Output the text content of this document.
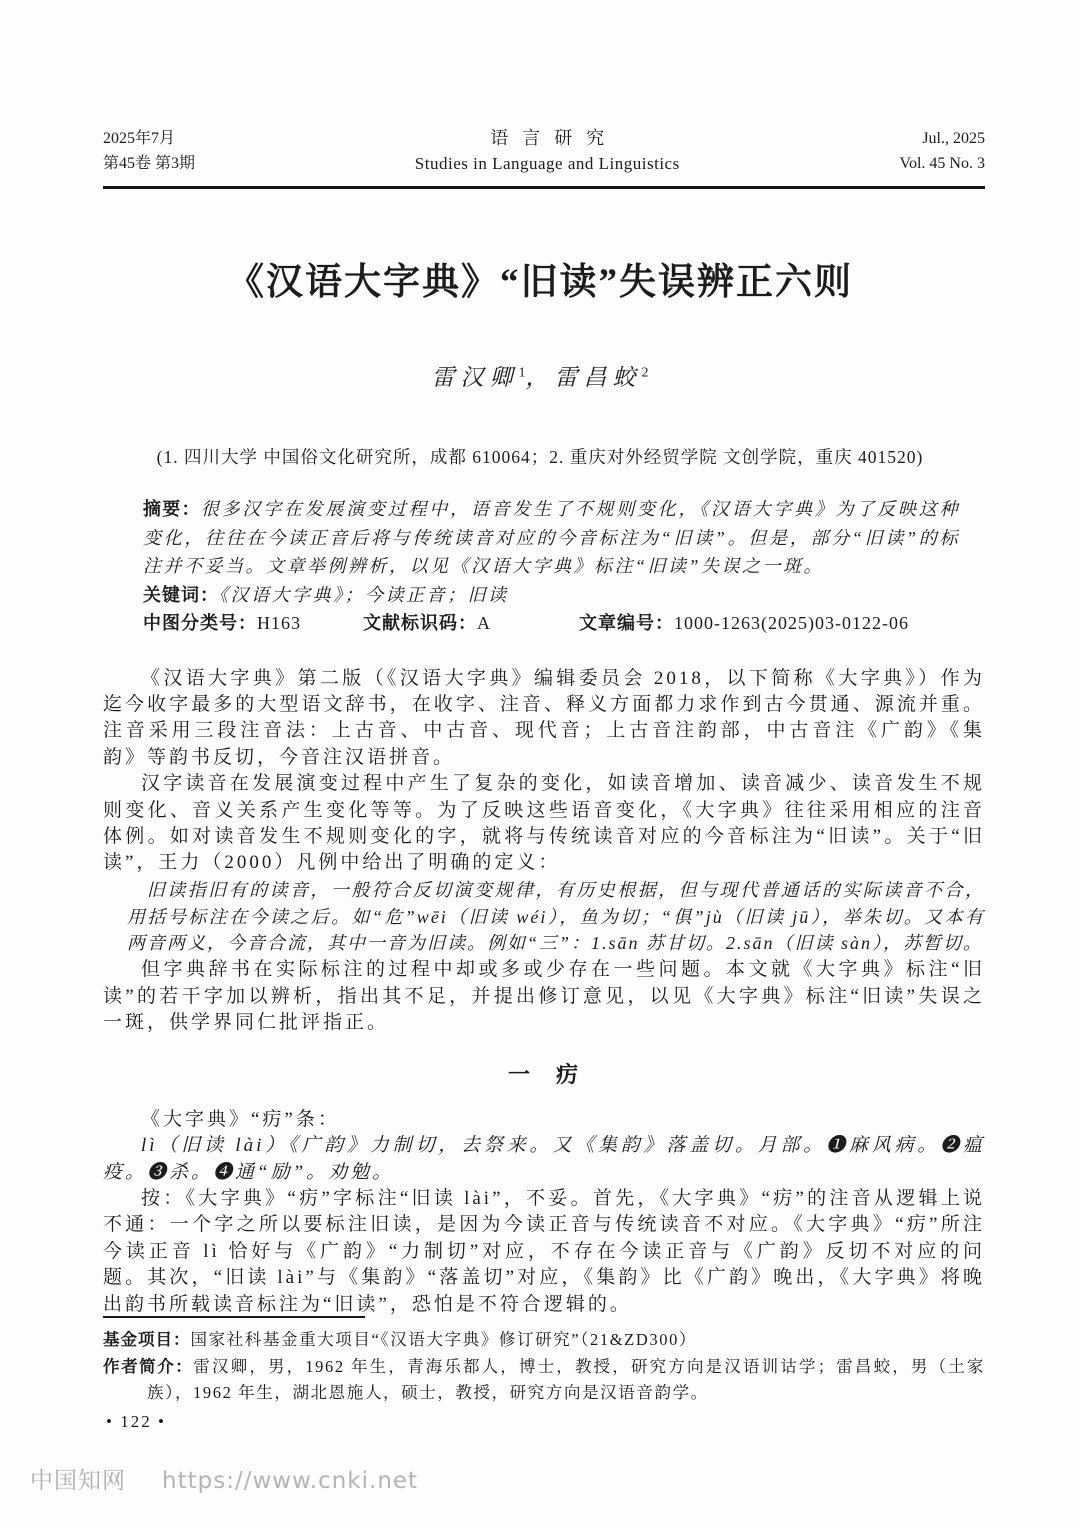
2025年7月
第45卷 第3期
语言研究
Studies in Language and Linguistics
Jul., 2025
Vol. 45 No. 3
《汉语大字典》“旧读”失误辨正六则
雷汉卿$^1$，雷昌蛟$^2$
(1. 四川大学 中国俗文化研究所，成都 610064；2. 重庆对外经贸学院 文创学院，重庆 401520)

摘要：很多汉字在发展演变过程中，语音发生了不规则变化，《汉语大字典》为了反映这种变化，往往在今读正音后将与传统读音对应的今音标注为“旧读”。但是，部分“旧读”的标注并不妥当。文章举例辨析，以见《汉语大字典》标注“旧读”失误之一斑。

关键词：《汉语大字典》；今读正音；旧读

中图分类号：H163	文献标识码：A	文章编号：1000-1263(2025)03-0122-06

《汉语大字典》第二版（《汉语大字典》编辑委员会 2018，以下简称《大字典》）作为迄今收字最多的大型语文辞书，在收字、注音、释义方面都力求作到古今贯通、源流并重。注音采用三段注音法：上古音、中古音、现代音；上古音注韵部，中古音注《广韵》《集韵》等韵书反切，今音注汉语拼音。

汉字读音在发展演变过程中产生了复杂的变化，如读音增加、读音减少、读音发生不规则变化、音义关系产生变化等等。为了反映这些语音变化，《大字典》往往采用相应的注音体例。如对读音发生不规则变化的字，就将与传统读音对应的今音标注为“旧读”。关于“旧读”，王力（2000）凡例中给出了明确的定义：

旧读指旧有的读音，一般符合反切演变规律，有历史根据，但与现代普通话的实际读音不合，用括号标注在今读之后。如“危”wēi（旧读 wéi），鱼为切；“俱”jù（旧读 jū），举朱切。又本有两音两义，今音合流，其中一音为旧读。例如“三”：1.sān 苏甘切。2.sān（旧读 sàn），苏暂切。

但字典辞书在实际标注的过程中却或多或少存在一些问题。本文就《大字典》标注“旧读”的若干字加以辨析，指出其不足，并提出修订意见，以见《大字典》标注“旧读”失误之一斑，供学界同仁批评指正。

一　疠

《大字典》“疠”条：

lì（旧读 lài）《广韵》力制切，去祭来。又《集韵》落盖切。月部。❶麻风病。❷瘟疫。❸杀。❹通“励”。劝勉。

按：《大字典》“疠”字标注“旧读 lài”，不妥。首先，《大字典》“疠”的注音从逻辑上说不通：一个字之所以要标注旧读，是因为今读正音与传统读音不对应。《大字典》“疠”所注今读正音 lì 恰好与《广韵》“力制切”对应，不存在今读正音与《广韵》反切不对应的问题。其次，“旧读 lài”与《集韵》“落盖切”对应，《集韵》比《广韵》晚出，《大字典》将晚出韵书所载读音标注为“旧读”，恐怕是不符合逻辑的。

基金项目：国家社科基金重大项目“《汉语大字典》修订研究”（21&ZD300）

作者简介：雷汉卿，男，1962 年生，青海乐都人，博士，教授，研究方向是汉语训诂学；雷昌蛟，男（土家族），1962 年生，湖北恩施人，硕士，教授，研究方向是汉语音韵学。

• 122 •
中国知网 https://www.cnki.net
